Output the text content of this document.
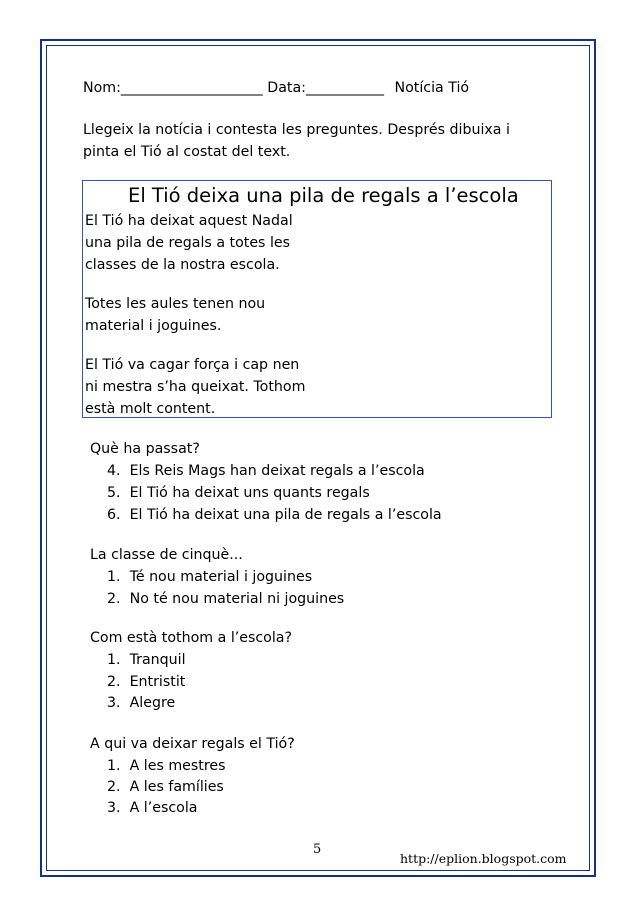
Nom:____________________ Data:___________ Notícia Tió
Llegeix la notícia i contesta les preguntes. Després dibuixa i
pinta el Tió al costat del text.
El Tió deixa una pila de regals a l’escola
El Tió ha deixat aquest Nadal
una pila de regals a totes les
classes de la nostra escola.
Totes les aules tenen nou
material i joguines.
El Tió va cagar força i cap nen
ni mestra s’ha queixat. Tothom
està molt content.
Què ha passat?
4. Els Reis Mags han deixat regals a l’escola
5. El Tió ha deixat uns quants regals
6. El Tió ha deixat una pila de regals a l’escola
La classe de cinquè...
1. Té nou material i joguines
2. No té nou material ni joguines
Com està tothom a l’escola?
1. Tranquil
2. Entristit
3. Alegre
A qui va deixar regals el Tió?
1. A les mestres
2. A les famílies
3. A l’escola
5
http://eplion.blogspot.com
